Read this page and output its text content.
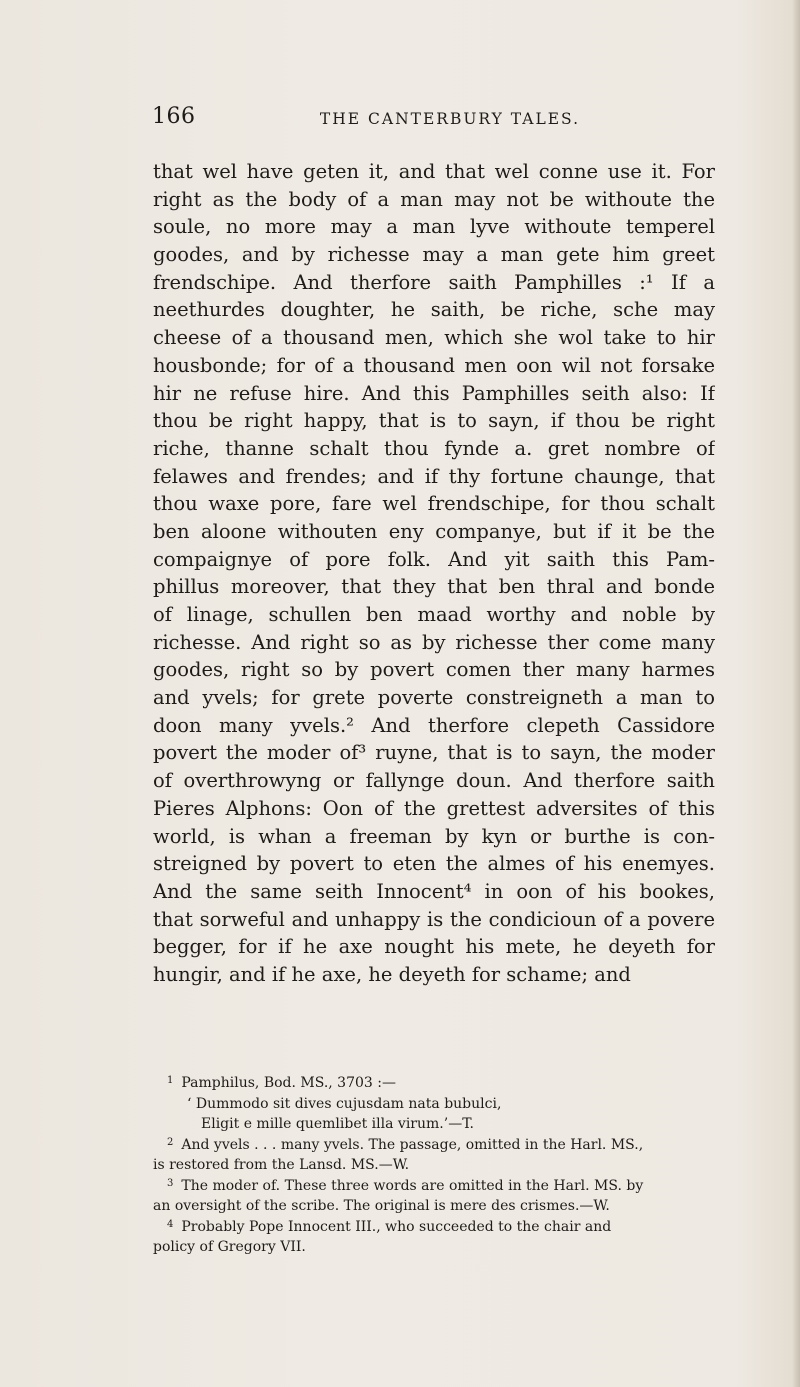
166	THE CANTERBURY TALES.
that wel have geten it, and that wel conne use it. For
right as the body of a man may not be withoute the
soule, no more may a man lyve withoute temperel
goodes, and by richesse may a man gete him greet
frendschipe. And therfore saith Pamphilles :¹ If a
neethurdes doughter, he saith, be riche, sche may
cheese of a thousand men, which she wol take to hir
housbonde; for of a thousand men oon wil not forsake
hir ne refuse hire. And this Pamphilles seith also: If
thou be right happy, that is to sayn, if thou be right
riche, thanne schalt thou fynde a. gret nombre of
felawes and frendes; and if thy fortune chaunge, that
thou waxe pore, fare wel frendschipe, for thou schalt
ben aloone withouten eny companye, but if it be the
compaignye of pore folk. And yit saith this Pam-
phillus moreover, that they that ben thral and bonde
of linage, schullen ben maad worthy and noble by
richesse. And right so as by richesse ther come many
goodes, right so by povert comen ther many harmes
and yvels; for grete poverte constreigneth a man to
doon many yvels.² And therfore clepeth Cassidore
povert the moder of³ ruyne, that is to sayn, the moder
of overthrowyng or fallynge doun. And therfore saith
Pieres Alphons: Oon of the grettest adversites of this
world, is whan a freeman by kyn or burthe is con-
streigned by povert to eten the almes of his enemyes.
And the same seith Innocent⁴ in oon of his bookes,
that sorweful and unhappy is the condicioun of a povere
begger, for if he axe nought his mete, he deyeth for
hungir, and if he axe, he deyeth for schame; and
$^1$ Pamphilus, Bod. MS., 3703 :—
‘ Dummodo sit dives cujusdam nata bubulci,
Eligit e mille quemlibet illa virum.’—T.
$^2$ And yvels . . . many yvels. The passage, omitted in the Harl. MS.,
is restored from the Lansd. MS.—W.
$^3$ The moder of. These three words are omitted in the Harl. MS. by
an oversight of the scribe. The original is mere des crismes.—W.
$^4$ Probably Pope Innocent III., who succeeded to the chair and
policy of Gregory VII.
